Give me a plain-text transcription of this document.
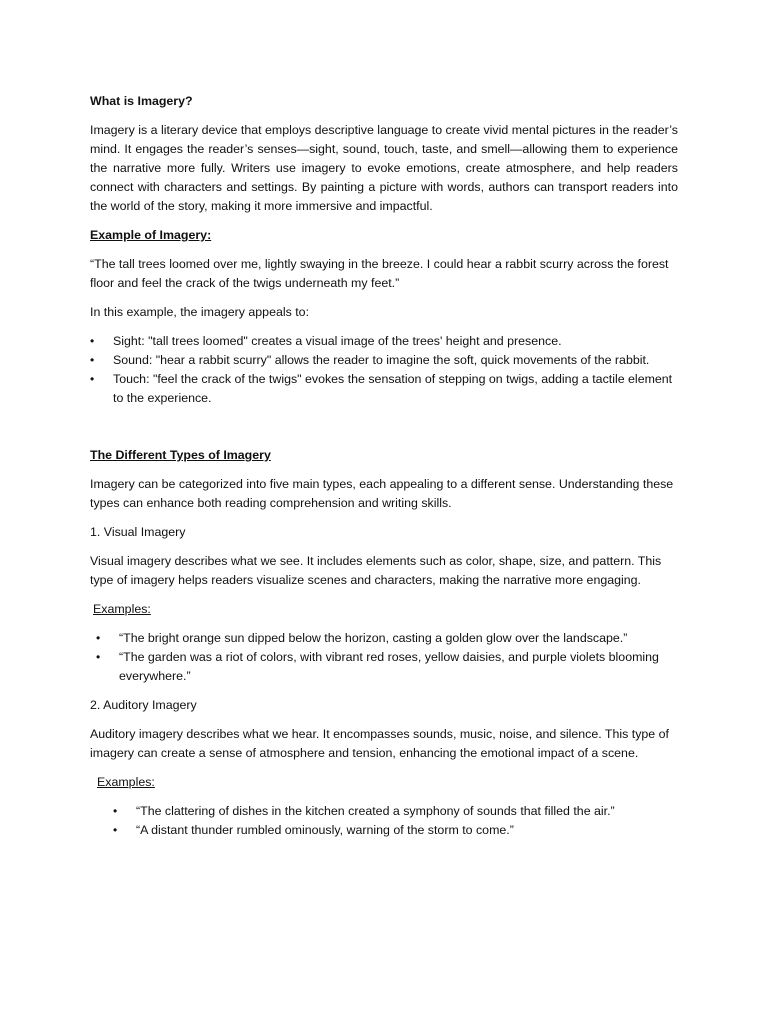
What is Imagery?

Imagery is a literary device that employs descriptive language to create vivid mental pictures in the reader’s mind. It engages the reader’s senses—sight, sound, touch, taste, and smell—allowing them to experience the narrative more fully. Writers use imagery to evoke emotions, create atmosphere, and help readers connect with characters and settings. By painting a picture with words, authors can transport readers into the world of the story, making it more immersive and impactful.

Example of Imagery:

“The tall trees loomed over me, lightly swaying in the breeze. I could hear a rabbit scurry across the forest floor and feel the crack of the twigs underneath my feet.”

In this example, the imagery appeals to:

• Sight: "tall trees loomed" creates a visual image of the trees' height and presence.
• Sound: "hear a rabbit scurry" allows the reader to imagine the soft, quick movements of the rabbit.
• Touch: "feel the crack of the twigs" evokes the sensation of stepping on twigs, adding a tactile element to the experience.

The Different Types of Imagery

Imagery can be categorized into five main types, each appealing to a different sense. Understanding these types can enhance both reading comprehension and writing skills.

1. Visual Imagery

Visual imagery describes what we see. It includes elements such as color, shape, size, and pattern. This type of imagery helps readers visualize scenes and characters, making the narrative more engaging.

Examples:

• “The bright orange sun dipped below the horizon, casting a golden glow over the landscape.”
• “The garden was a riot of colors, with vibrant red roses, yellow daisies, and purple violets blooming everywhere.”

2. Auditory Imagery

Auditory imagery describes what we hear. It encompasses sounds, music, noise, and silence. This type of imagery can create a sense of atmosphere and tension, enhancing the emotional impact of a scene.

Examples:

• “The clattering of dishes in the kitchen created a symphony of sounds that filled the air.”
• “A distant thunder rumbled ominously, warning of the storm to come.”
